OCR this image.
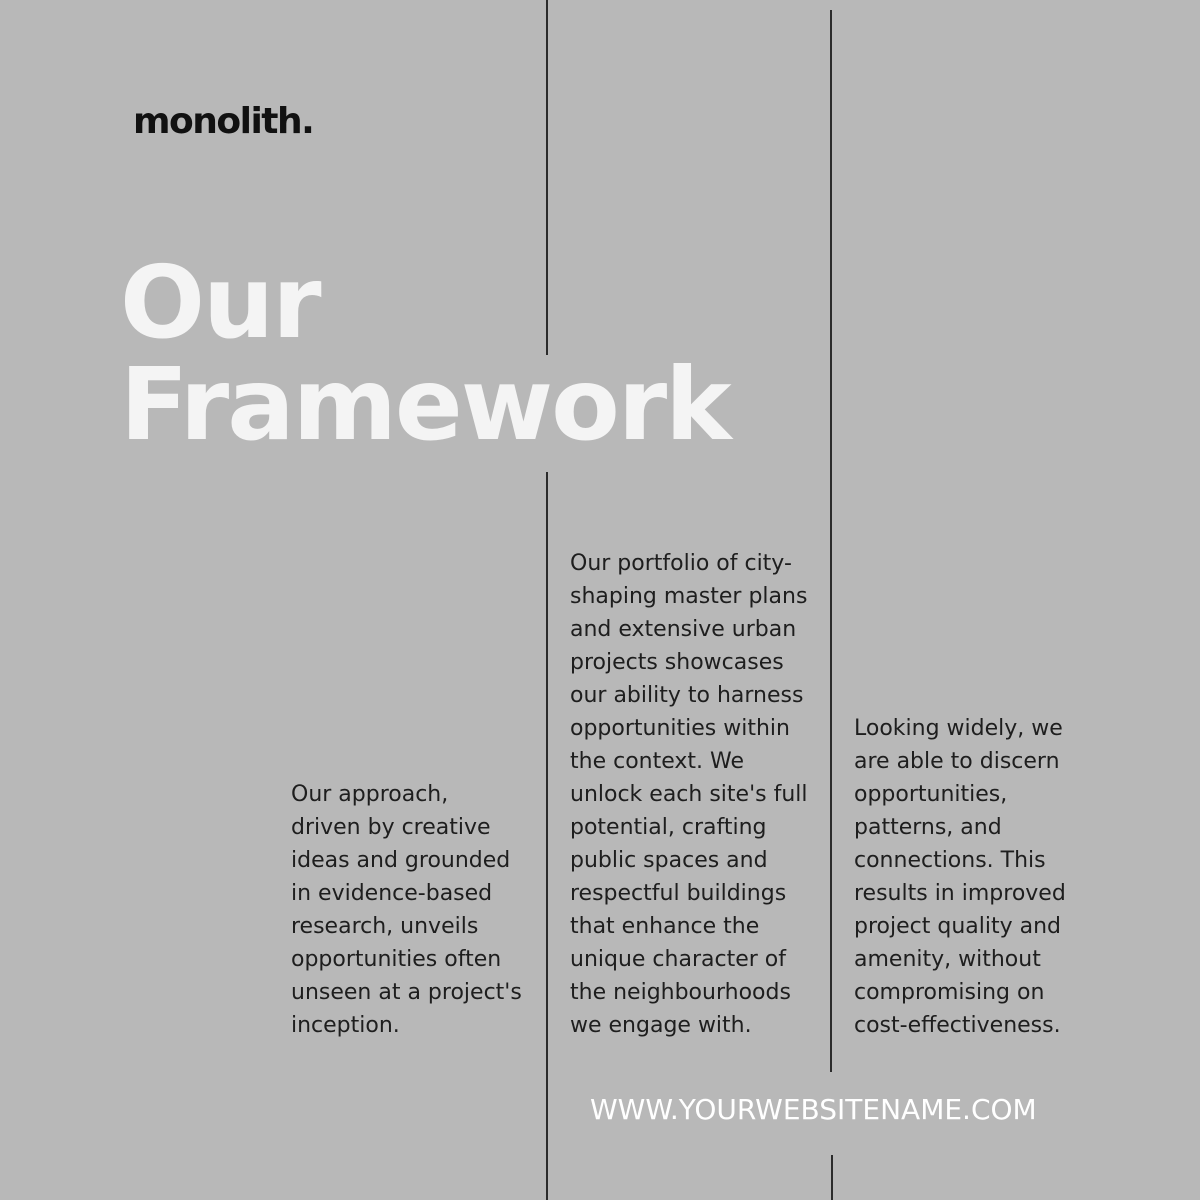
monolith.
Our
Framework

Our approach,
driven by creative
ideas and grounded
in evidence-based
research, unveils
opportunities often
unseen at a project's
inception.

Our portfolio of city-
shaping master plans
and extensive urban
projects showcases
our ability to harness
opportunities within
the context. We
unlock each site's full
potential, crafting
public spaces and
respectful buildings
that enhance the
unique character of
the neighbourhoods
we engage with.

Looking widely, we
are able to discern
opportunities,
patterns, and
connections. This
results in improved
project quality and
amenity, without
compromising on
cost-effectiveness.

WWW.YOURWEBSITENAME.COM
